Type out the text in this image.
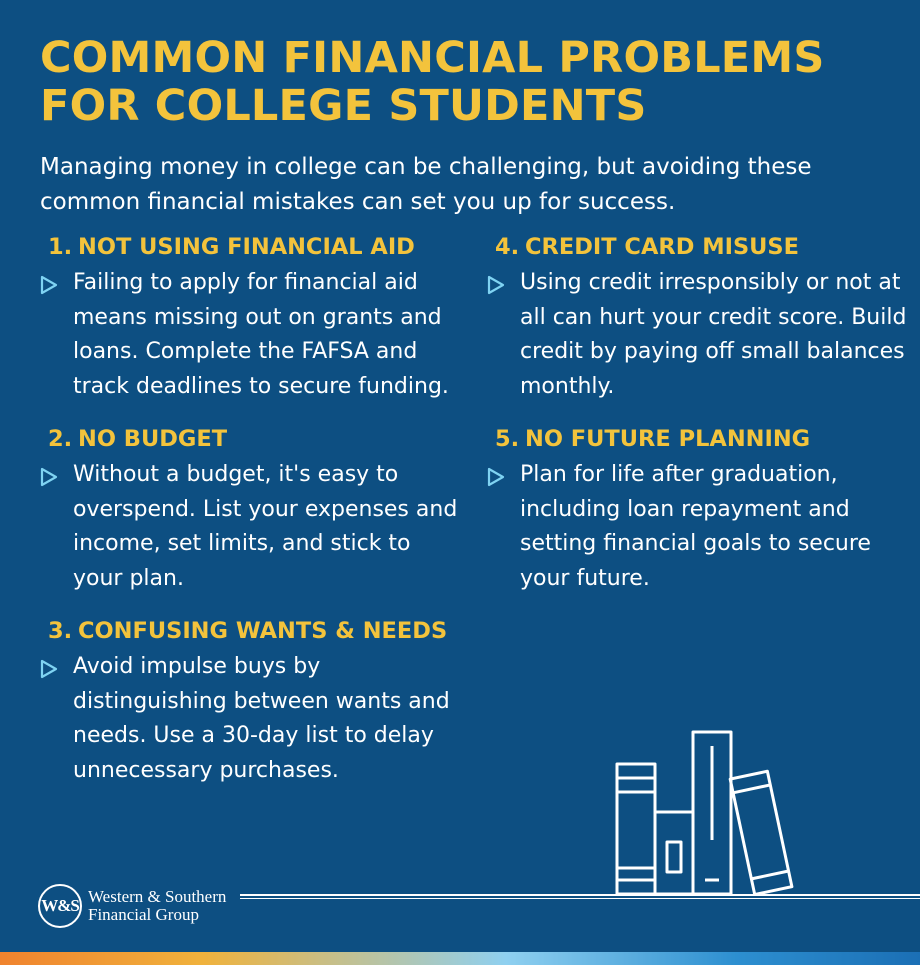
COMMON FINANCIAL PROBLEMS
FOR COLLEGE STUDENTS
Managing money in college can be challenging, but avoiding these common financial mistakes can set you up for success.
1. NOT USING FINANCIAL AID
Failing to apply for financial aid means missing out on grants and loans. Complete the FAFSA and track deadlines to secure funding.
2. NO BUDGET
Without a budget, it's easy to overspend. List your expenses and income, set limits, and stick to your plan.
3. CONFUSING WANTS & NEEDS
Avoid impulse buys by distinguishing between wants and needs. Use a 30-day list to delay unnecessary purchases.
4. CREDIT CARD MISUSE
Using credit irresponsibly or not at all can hurt your credit score. Build credit by paying off small balances monthly.
5. NO FUTURE PLANNING
Plan for life after graduation, including loan repayment and setting financial goals to secure your future.
W&S Western & Southern
Financial Group
